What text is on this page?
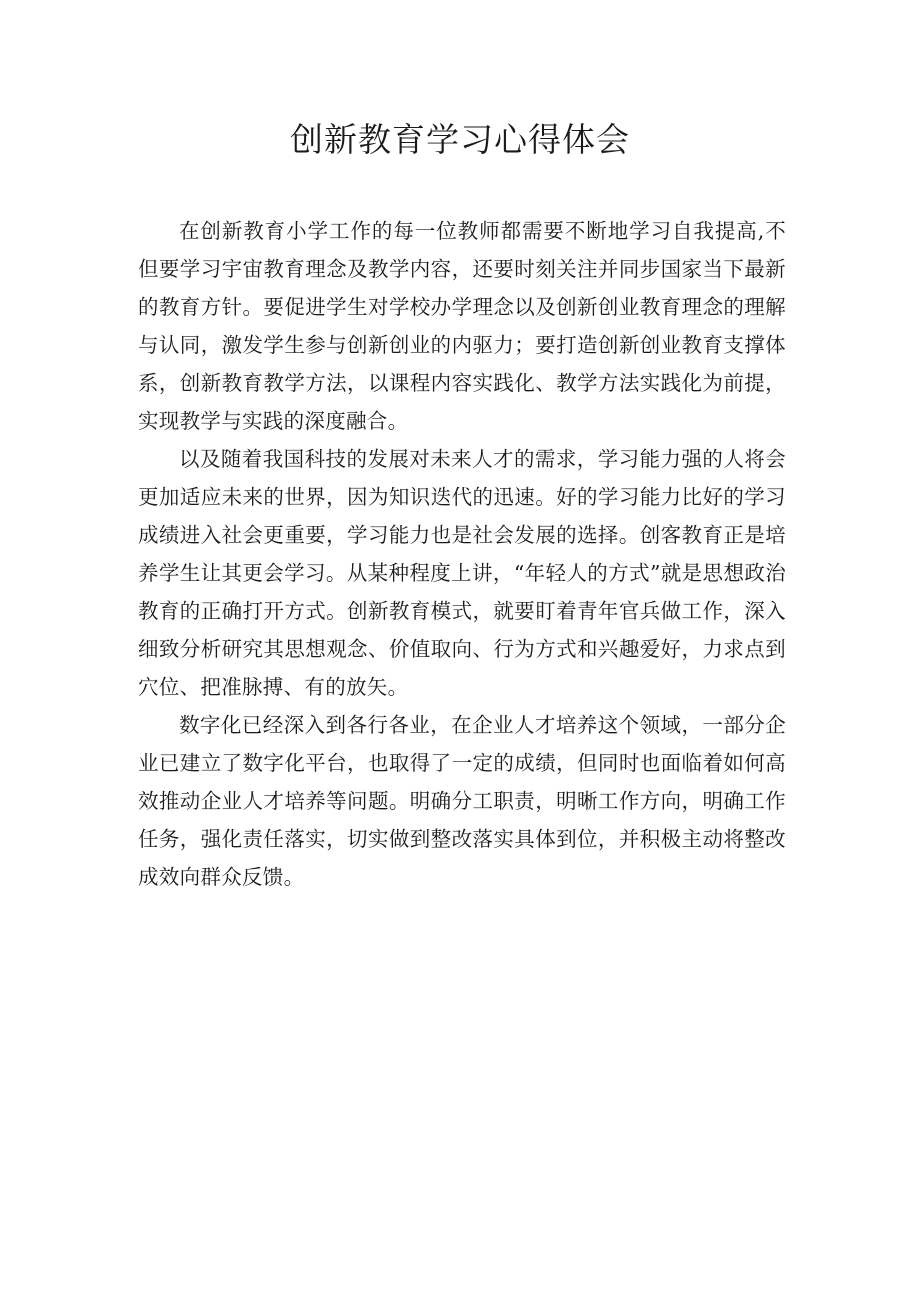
创新教育学习心得体会

在创新教育小学工作的每一位教师都需要不断地学习自我提高,不但要学习宇宙教育理念及教学内容，还要时刻关注并同步国家当下最新的教育方针。要促进学生对学校办学理念以及创新创业教育理念的理解与认同，激发学生参与创新创业的内驱力；要打造创新创业教育支撑体系，创新教育教学方法，以课程内容实践化、教学方法实践化为前提，实现教学与实践的深度融合。

以及随着我国科技的发展对未来人才的需求，学习能力强的人将会更加适应未来的世界，因为知识迭代的迅速。好的学习能力比好的学习成绩进入社会更重要，学习能力也是社会发展的选择。创客教育正是培养学生让其更会学习。从某种程度上讲，“年轻人的方式”就是思想政治教育的正确打开方式。创新教育模式，就要盯着青年官兵做工作，深入细致分析研究其思想观念、价值取向、行为方式和兴趣爱好，力求点到穴位、把准脉搏、有的放矢。

数字化已经深入到各行各业，在企业人才培养这个领域，一部分企业已建立了数字化平台，也取得了一定的成绩，但同时也面临着如何高效推动企业人才培养等问题。明确分工职责，明晰工作方向，明确工作任务，强化责任落实，切实做到整改落实具体到位，并积极主动将整改成效向群众反馈。
